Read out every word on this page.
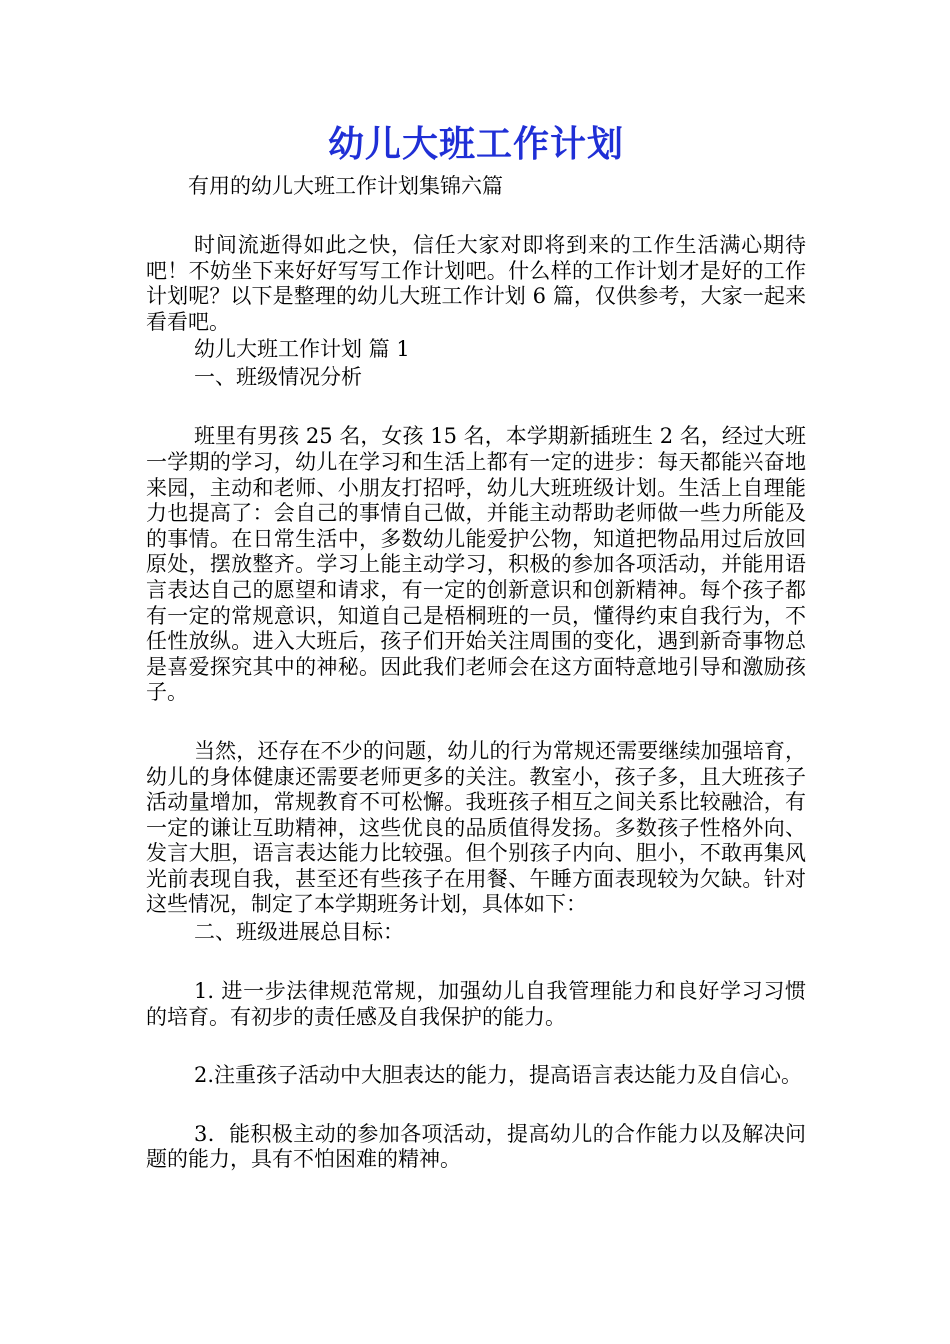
幼儿大班工作计划

有用的幼儿大班工作计划集锦六篇

时间流逝得如此之快，信任大家对即将到来的工作生活满心期待吧！不妨坐下来好好写写工作计划吧。什么样的工作计划才是好的工作计划呢？以下是整理的幼儿大班工作计划 6 篇，仅供参考，大家一起来看看吧。

幼儿大班工作计划 篇 1

一、班级情况分析

班里有男孩 25 名，女孩 15 名，本学期新插班生 2 名，经过大班一学期的学习，幼儿在学习和生活上都有一定的进步：每天都能兴奋地来园，主动和老师、小朋友打招呼，幼儿大班班级计划。生活上自理能力也提高了：会自己的事情自己做，并能主动帮助老师做一些力所能及的事情。在日常生活中，多数幼儿能爱护公物，知道把物品用过后放回原处，摆放整齐。学习上能主动学习，积极的参加各项活动，并能用语言表达自己的愿望和请求，有一定的创新意识和创新精神。每个孩子都有一定的常规意识，知道自己是梧桐班的一员，懂得约束自我行为，不任性放纵。进入大班后，孩子们开始关注周围的变化，遇到新奇事物总是喜爱探究其中的神秘。因此我们老师会在这方面特意地引导和激励孩子。

当然，还存在不少的问题，幼儿的行为常规还需要继续加强培育，幼儿的身体健康还需要老师更多的关注。教室小，孩子多，且大班孩子活动量增加，常规教育不可松懈。我班孩子相互之间关系比较融洽，有一定的谦让互助精神，这些优良的品质值得发扬。多数孩子性格外向、发言大胆，语言表达能力比较强。但个别孩子内向、胆小，不敢再集风光前表现自我，甚至还有些孩子在用餐、午睡方面表现较为欠缺。针对这些情况，制定了本学期班务计划，具体如下：

二、班级进展总目标：

1. 进一步法律规范常规，加强幼儿自我管理能力和良好学习习惯的培育。有初步的责任感及自我保护的能力。

2.注重孩子活动中大胆表达的能力，提高语言表达能力及自信心。

3．能积极主动的参加各项活动，提高幼儿的合作能力以及解决问题的能力，具有不怕困难的精神。
